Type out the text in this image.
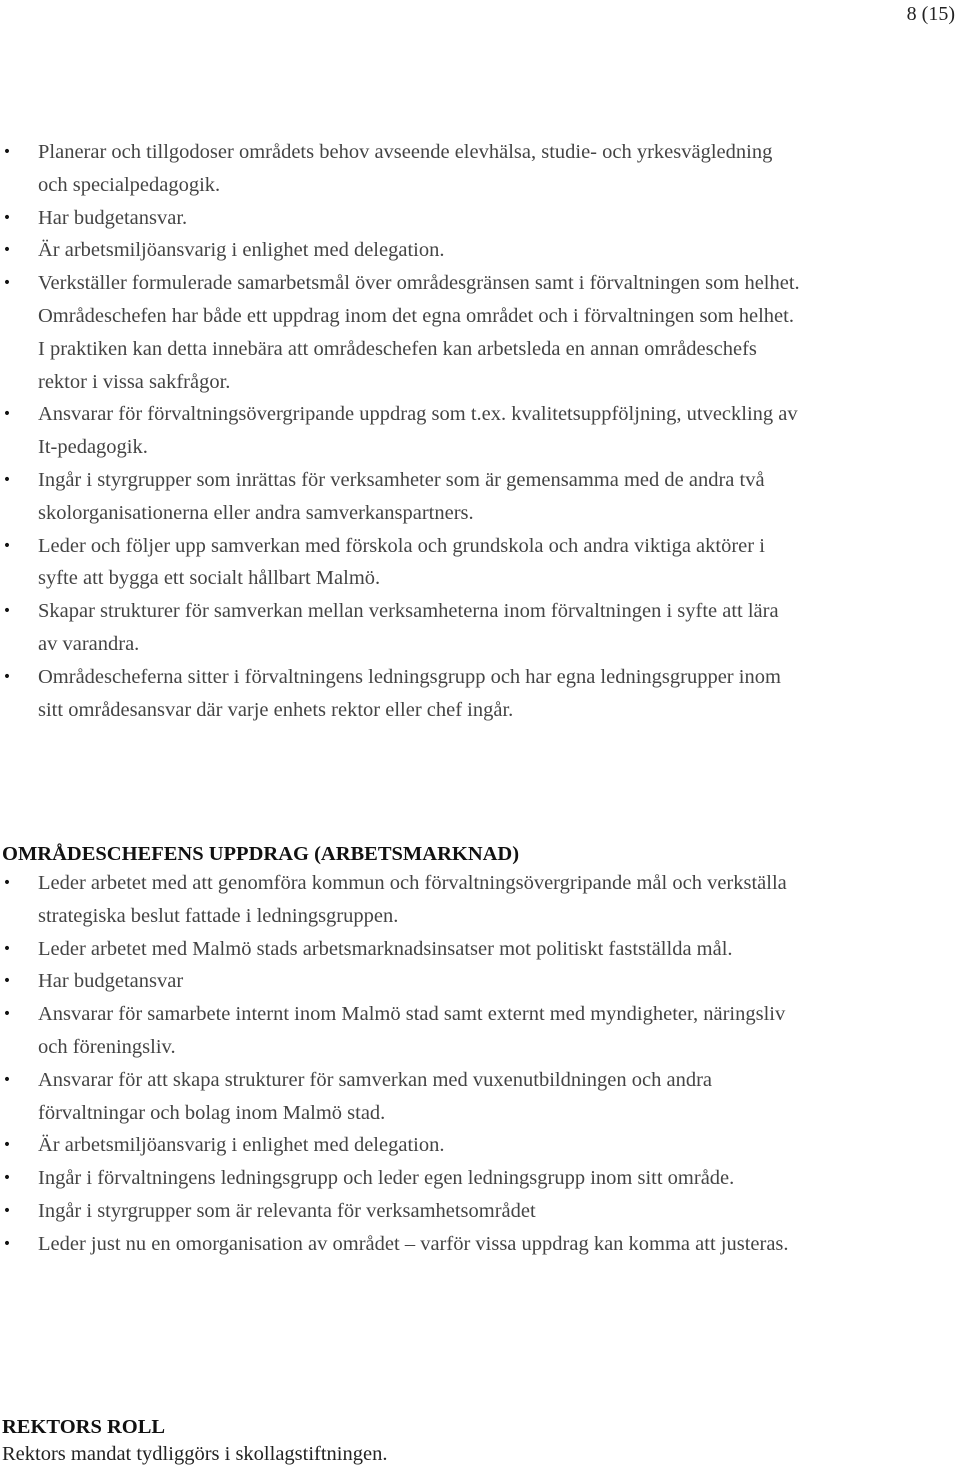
8 (15)
• Planerar och tillgodoser områdets behov avseende elevhälsa, studie- och yrkesvägledning och specialpedagogik.
• Har budgetansvar.
• Är arbetsmiljöansvarig i enlighet med delegation.
• Verkställer formulerade samarbetsmål över områdesgränsen samt i förvaltningen som helhet. Områdeschefen har både ett uppdrag inom det egna området och i förvaltningen som helhet. I praktiken kan detta innebära att områdeschefen kan arbetsleda en annan områdeschefs rektor i vissa sakfrågor.
• Ansvarar för förvaltningsövergripande uppdrag som t.ex. kvalitetsuppföljning, utveckling av It-pedagogik.
• Ingår i styrgrupper som inrättas för verksamheter som är gemensamma med de andra två skolorganisationerna eller andra samverkanspartners.
• Leder och följer upp samverkan med förskola och grundskola och andra viktiga aktörer i syfte att bygga ett socialt hållbart Malmö.
• Skapar strukturer för samverkan mellan verksamheterna inom förvaltningen i syfte att lära av varandra.
• Områdescheferna sitter i förvaltningens ledningsgrupp och har egna ledningsgrupper inom sitt områdesansvar där varje enhets rektor eller chef ingår.
OMRÅDESCHEFENS UPPDRAG (ARBETSMARKNAD)
• Leder arbetet med att genomföra kommun och förvaltningsövergripande mål och verkställa strategiska beslut fattade i ledningsgruppen.
• Leder arbetet med Malmö stads arbetsmarknadsinsatser mot politiskt fastställda mål.
• Har budgetansvar
• Ansvarar för samarbete internt inom Malmö stad samt externt med myndigheter, näringsliv och föreningsliv.
• Ansvarar för att skapa strukturer för samverkan med vuxenutbildningen och andra förvaltningar och bolag inom Malmö stad.
• Är arbetsmiljöansvarig i enlighet med delegation.
• Ingår i förvaltningens ledningsgrupp och leder egen ledningsgrupp inom sitt område.
• Ingår i styrgrupper som är relevanta för verksamhetsområdet
• Leder just nu en omorganisation av området – varför vissa uppdrag kan komma att justeras.
REKTORS ROLL

Rektors mandat tydliggörs i skollagstiftningen.
